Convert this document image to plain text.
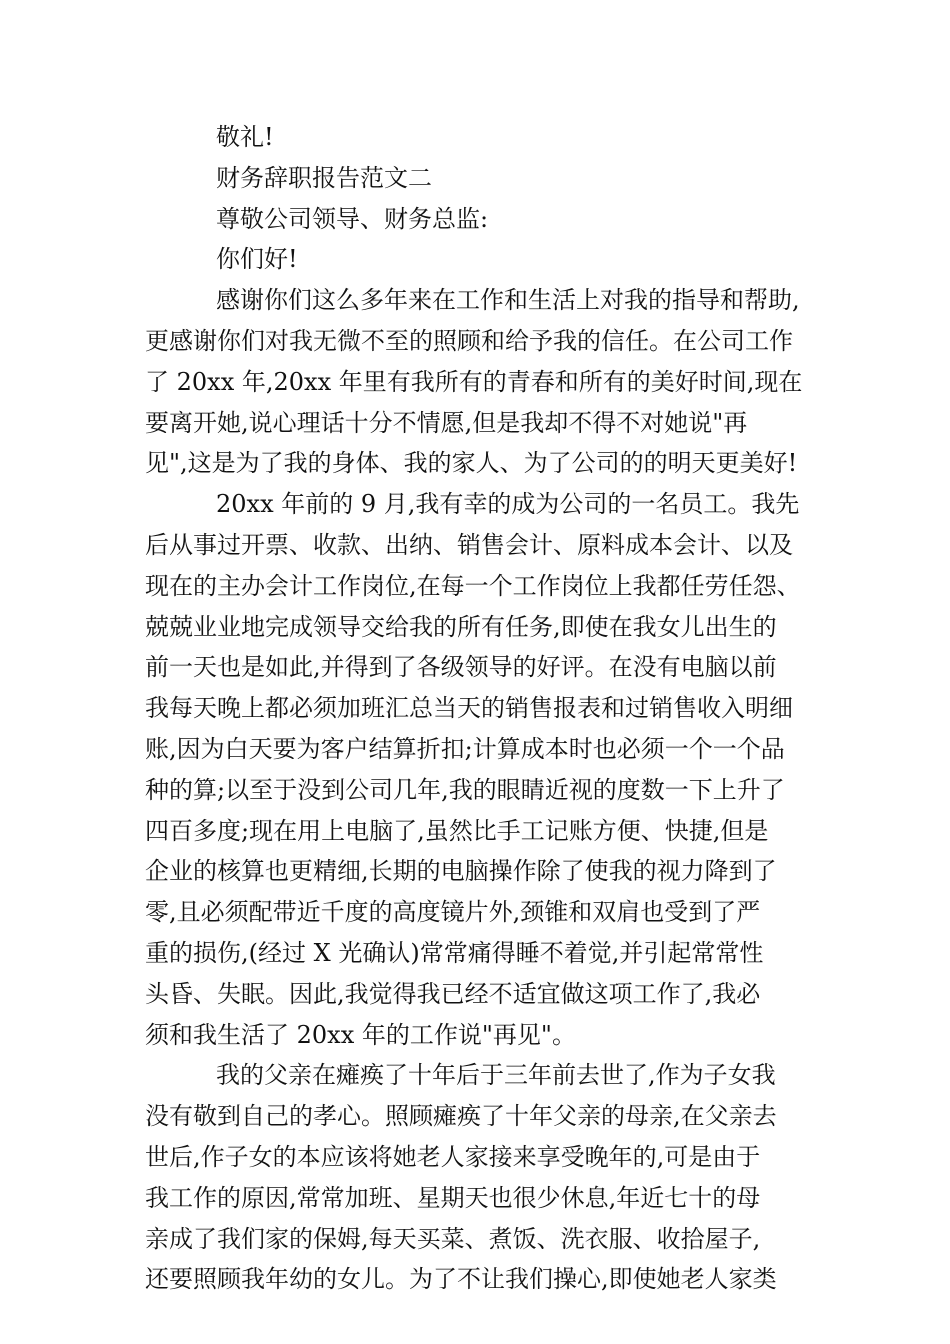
敬礼!
财务辞职报告范文二
尊敬公司领导、财务总监:
你们好!
感谢你们这么多年来在工作和生活上对我的指导和帮助,
更感谢你们对我无微不至的照顾和给予我的信任。在公司工作
了 20xx 年,20xx 年里有我所有的青春和所有的美好时间,现在
要离开她,说心理话十分不情愿,但是我却不得不对她说"再
见",这是为了我的身体、我的家人、为了公司的的明天更美好!
20xx 年前的 9 月,我有幸的成为公司的一名员工。我先
后从事过开票、收款、出纳、销售会计、原料成本会计、以及
现在的主办会计工作岗位,在每一个工作岗位上我都任劳任怨、
兢兢业业地完成领导交给我的所有任务,即使在我女儿出生的
前一天也是如此,并得到了各级领导的好评。在没有电脑以前
我每天晚上都必须加班汇总当天的销售报表和过销售收入明细
账,因为白天要为客户结算折扣;计算成本时也必须一个一个品
种的算;以至于没到公司几年,我的眼睛近视的度数一下上升了
四百多度;现在用上电脑了,虽然比手工记账方便、快捷,但是
企业的核算也更精细,长期的电脑操作除了使我的视力降到了
零,且必须配带近千度的高度镜片外,颈锥和双肩也受到了严
重的损伤,(经过 X 光确认)常常痛得睡不着觉,并引起常常性
头昏、失眠。因此,我觉得我已经不适宜做这项工作了,我必
须和我生活了 20xx 年的工作说"再见"。
我的父亲在瘫痪了十年后于三年前去世了,作为子女我
没有敬到自己的孝心。照顾瘫痪了十年父亲的母亲,在父亲去
世后,作子女的本应该将她老人家接来享受晚年的,可是由于
我工作的原因,常常加班、星期天也很少休息,年近七十的母
亲成了我们家的保姆,每天买菜、煮饭、洗衣服、收拾屋子,
还要照顾我年幼的女儿。为了不让我们操心,即使她老人家类
